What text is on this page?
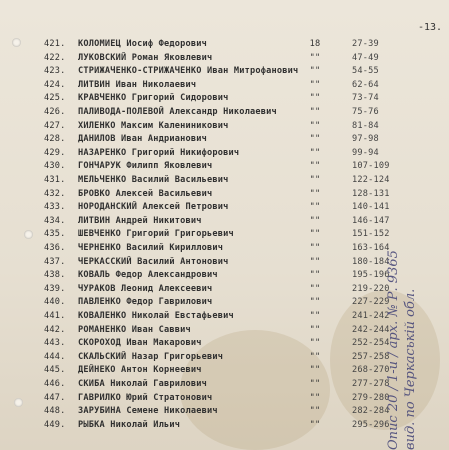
-13.
421.	КОЛОМИЕЦ Иосиф Федорович	18	27-39
422.	ЛУКОВСКИЙ Роман Яковлевич	""	47-49
423.	СТРИЖАЧЕНКО-СТРИЖАЧЕНКО Иван Митрофанович	""	54-55
424.	ЛИТВИН Иван Николаевич	""	62-64
425.	КРАВЧЕНКО Григорий Сидорович	""	73-74
426.	ПАЛИВОДА-ПОЛЕВОЙ Александр Николаевич	""	75-76
427.	ХИЛЕНКО Максим Калениникович	""	81-84
428.	ДАНИЛОВ Иван Андрианович	""	97-98
429.	НАЗАРЕНКО Григорий Никифорович	""	99-94
430.	ГОНЧАРУК Филипп Яковлевич	""	107-109
431.	МЕЛЬЧЕНКО Василий Васильевич	""	122-124
432.	БРОВКО Алексей Васильевич	""	128-131
433.	НОРОДАНСКИЙ Алексей Петрович	""	140-141
434.	ЛИТВИН Андрей Никитович	""	146-147
435.	ШЕВЧЕНКО Григорий Григорьевич	""	151-152
436.	ЧЕРНЕНКО Василий Кириллович	""	163-164
437.	ЧЕРКАССКИЙ Василий Антонович	""	180-184
438.	КОВАЛЬ Федор Александрович	""	195-196
439.	ЧУРАКОВ Леонид Алексеевич	""	219-220
440.	ПАВЛЕНКО Федор Гаврилович	""	227-229
441.	КОВАЛЕНКО Николай Евстафьевич	""	241-242
442.	РОМАНЕНКО Иван Саввич	""	242-244
443.	СКОРОХОД Иван Макарович	""	252-254
444.	СКАЛЬСКИЙ Назар Григорьевич	""	257-258
445.	ДЕЙНЕКО Антон Корнеевич	""	268-270
446.	СКИБА Николай Гаврилович	""	277-278
447.	ГАВРИЛКО Юрий Стратонович	""	279-280
448.	ЗАРУБИНА Семене Николаевич	""	282-284
449.	РЫБКА Николай Ильич	""	295-296
Опис 20 / 1-и / арх. № Р. 9365
вид. по Черкаській обл.
